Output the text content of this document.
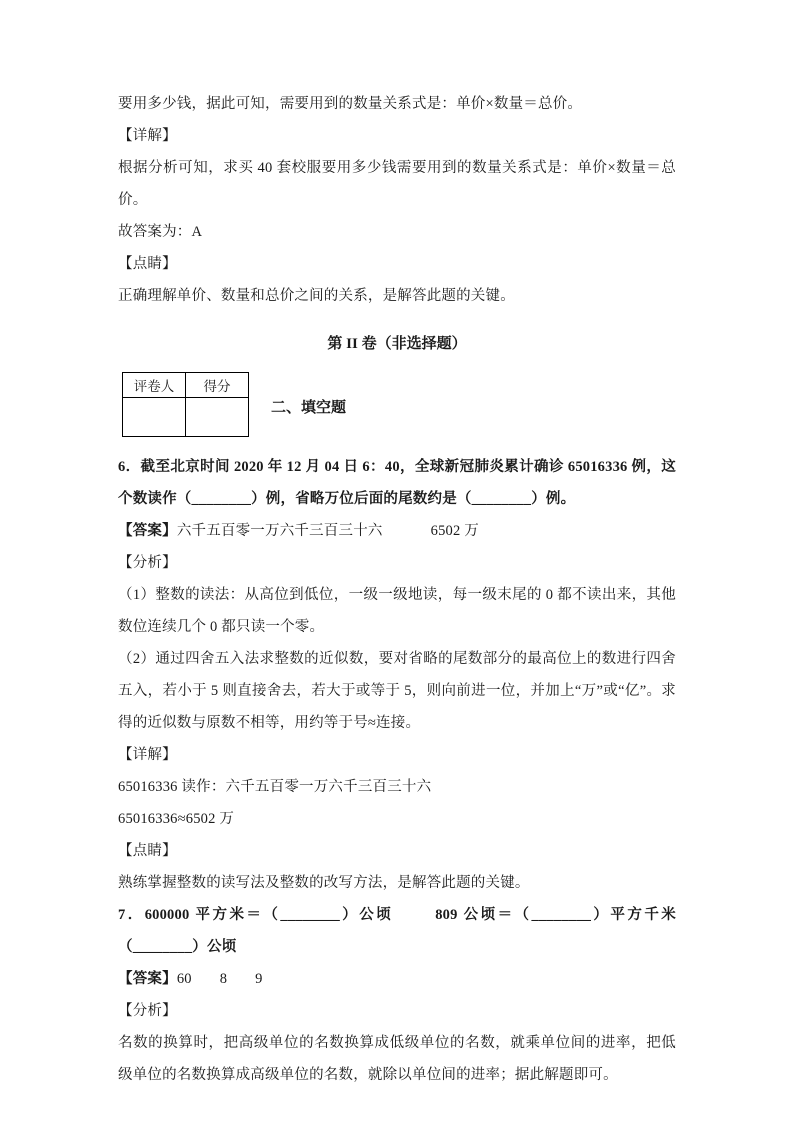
要用多少钱，据此可知，需要用到的数量关系式是：单价×数量＝总价。

【详解】

根据分析可知，求买 40 套校服要用多少钱需要用到的数量关系式是：单价×数量＝总价。

故答案为：A

【点睛】

正确理解单价、数量和总价之间的关系，是解答此题的关键。

第 II 卷（非选择题）
评卷人	得分

二、填空题

6．截至北京时间 2020 年 12 月 04 日 6：40，全球新冠肺炎累计确诊 65016336 例，这个数读作（________）例，省略万位后面的尾数约是（________）例。

【答案】六千五百零一万六千三百三十六	6502 万

【分析】

（1）整数的读法：从高位到低位，一级一级地读，每一级末尾的 0 都不读出来，其他数位连续几个 0 都只读一个零。

（2）通过四舍五入法求整数的近似数，要对省略的尾数部分的最高位上的数进行四舍五入，若小于 5 则直接舍去，若大于或等于 5，则向前进一位，并加上“万”或“亿”。求得的近似数与原数不相等，用约等于号≈连接。

【详解】

65016336 读作：六千五百零一万六千三百三十六

65016336≈6502 万

【点睛】

熟练掌握整数的读写法及整数的改写方法，是解答此题的关键。

7．600000 平方米＝（________）公顷	809 公顷＝（________）平方千米（________）公顷

【答案】60 8 9

【分析】

名数的换算时，把高级单位的名数换算成低级单位的名数，就乘单位间的进率，把低级单位的名数换算成高级单位的名数，就除以单位间的进率；据此解题即可。
